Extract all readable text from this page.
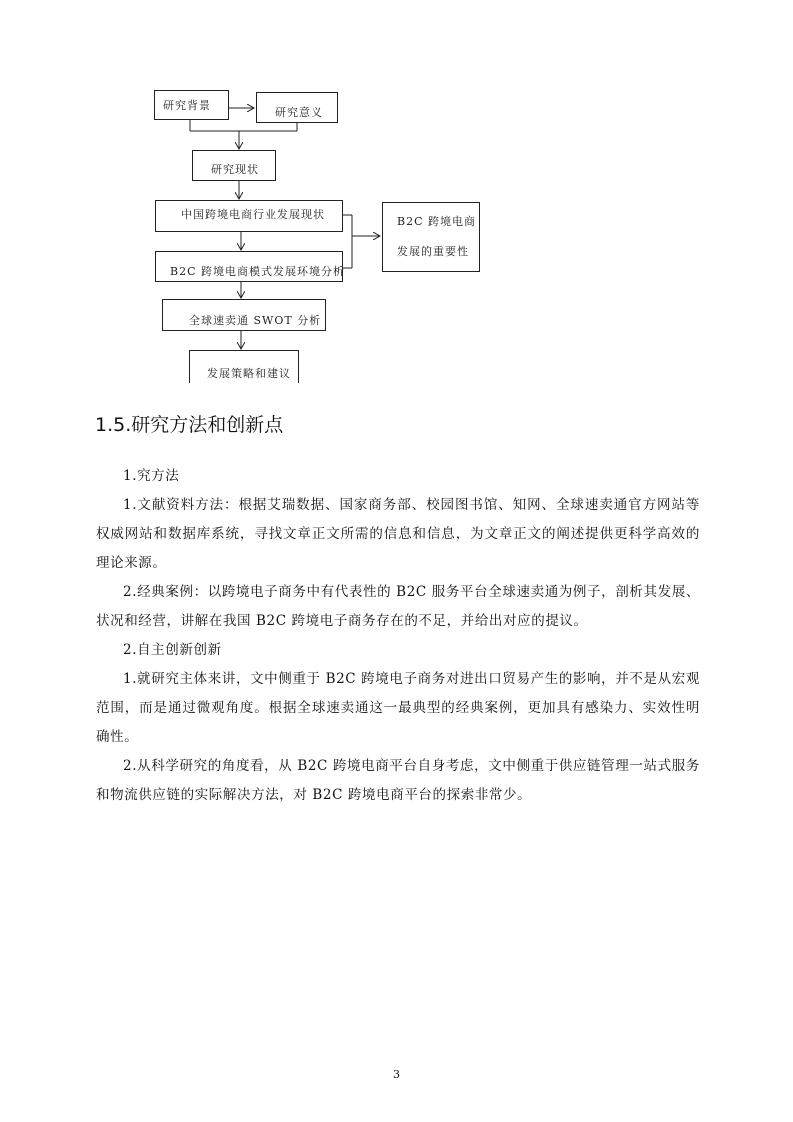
研究背景	研究意义
研究现状
中国跨境电商行业发展现状
B2C 跨境电商模式发展环境分析
B2C 跨境电商
发展的重要性
全球速卖通 SWOT 分析
发展策略和建议
1.5.研究方法和创新点

1.究方法

1.文献资料方法：根据艾瑞数据、国家商务部、校园图书馆、知网、全球速卖通官方网站等权威网站和数据库系统，寻找文章正文所需的信息和信息，为文章正文的阐述提供更科学高效的理论来源。

2.经典案例：以跨境电子商务中有代表性的 B2C 服务平台全球速卖通为例子，剖析其发展、状况和经营，讲解在我国 B2C 跨境电子商务存在的不足，并给出对应的提议。

2.自主创新创新

1.就研究主体来讲，文中侧重于 B2C 跨境电子商务对进出口贸易产生的影响，并不是从宏观范围，而是通过微观角度。根据全球速卖通这一最典型的经典案例，更加具有感染力、实效性明确性。

2.从科学研究的角度看，从 B2C 跨境电商平台自身考虑，文中侧重于供应链管理一站式服务和物流供应链的实际解决方法，对 B2C 跨境电商平台的探索非常少。

3
